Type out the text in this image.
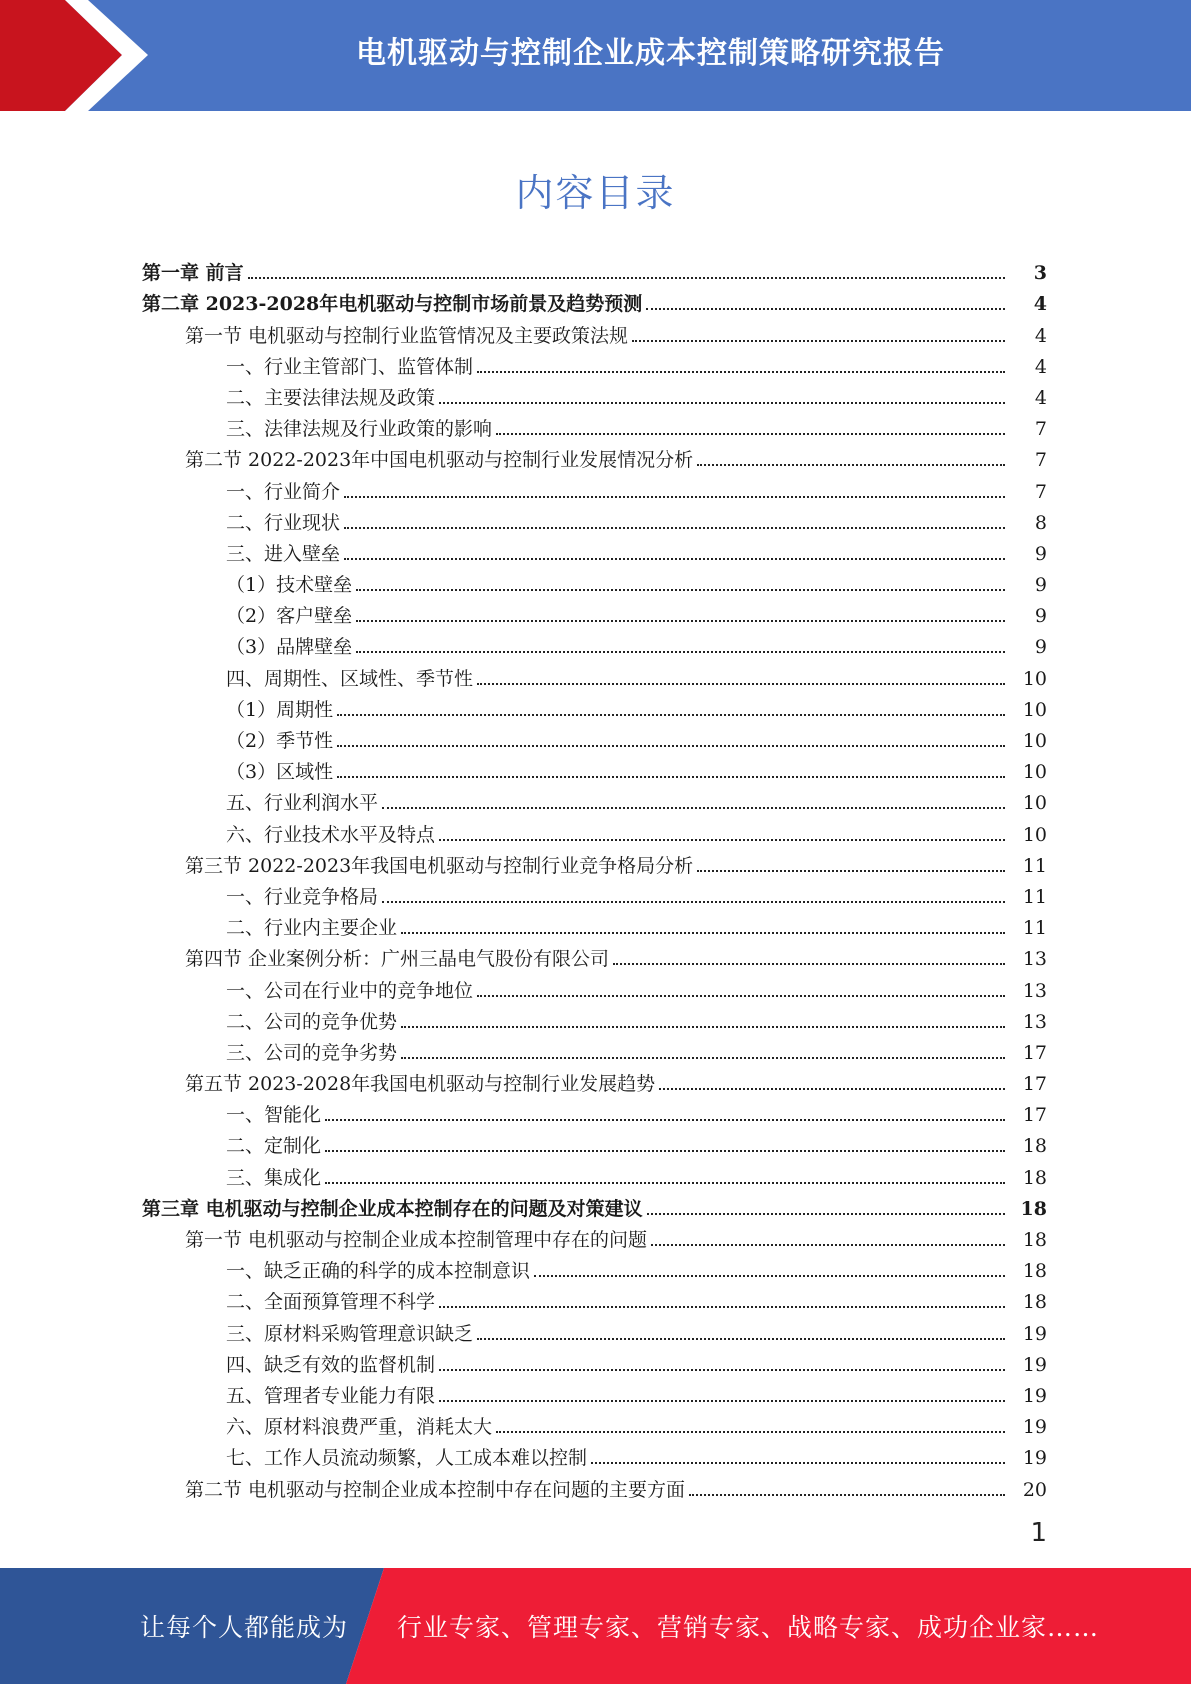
电机驱动与控制企业成本控制策略研究报告
内容目录
第一章 前言	3
第二章 2023-2028年电机驱动与控制市场前景及趋势预测	4
第一节 电机驱动与控制行业监管情况及主要政策法规	4
一、行业主管部门、监管体制	4
二、主要法律法规及政策	4
三、法律法规及行业政策的影响	7
第二节 2022-2023年中国电机驱动与控制行业发展情况分析	7
一、行业简介	7
二、行业现状	8
三、进入壁垒	9
（1）技术壁垒	9
（2）客户壁垒	9
（3）品牌壁垒	9
四、周期性、区域性、季节性	10
（1）周期性	10
（2）季节性	10
（3）区域性	10
五、行业利润水平	10
六、行业技术水平及特点	10
第三节 2022-2023年我国电机驱动与控制行业竞争格局分析	11
一、行业竞争格局	11
二、行业内主要企业	11
第四节 企业案例分析：广州三晶电气股份有限公司	13
一、公司在行业中的竞争地位	13
二、公司的竞争优势	13
三、公司的竞争劣势	17
第五节 2023-2028年我国电机驱动与控制行业发展趋势	17
一、智能化	17
二、定制化	18
三、集成化	18
第三章 电机驱动与控制企业成本控制存在的问题及对策建议	18
第一节 电机驱动与控制企业成本控制管理中存在的问题	18
一、缺乏正确的科学的成本控制意识	18
二、全面预算管理不科学	18
三、原材料采购管理意识缺乏	19
四、缺乏有效的监督机制	19
五、管理者专业能力有限	19
六、原材料浪费严重，消耗太大	19
七、工作人员流动频繁，人工成本难以控制	19
第二节 电机驱动与控制企业成本控制中存在问题的主要方面	20
1
让每个人都能成为 行业专家、管理专家、营销专家、战略专家、成功企业家……
